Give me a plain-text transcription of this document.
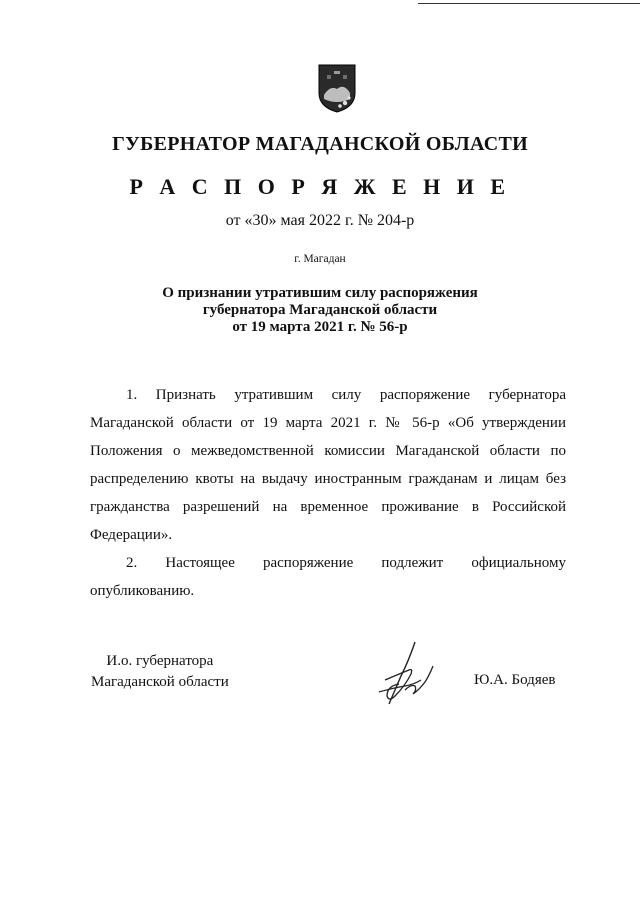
ГУБЕРНАТОР МАГАДАНСКОЙ ОБЛАСТИ
Р А С П О Р Я Ж Е Н И Е
от «30» мая 2022 г. № 204-р
г. Магадан
О признании утратившим силу распоряжения
губернатора Магаданской области
от 19 марта 2021 г. № 56-р

1. Признать утратившим силу распоряжение губернатора Магаданской области от 19 марта 2021 г. № 56-р «Об утверждении Положения о межведомственной комиссии Магаданской области по распределению квоты на выдачу иностранным гражданам и лицам без гражданства разрешений на временное проживание в Российской Федерации».

2. Настоящее распоряжение подлежит официальному опубликованию.

И.о. губернатора
Магаданской области	Ю.А. Бодяев
